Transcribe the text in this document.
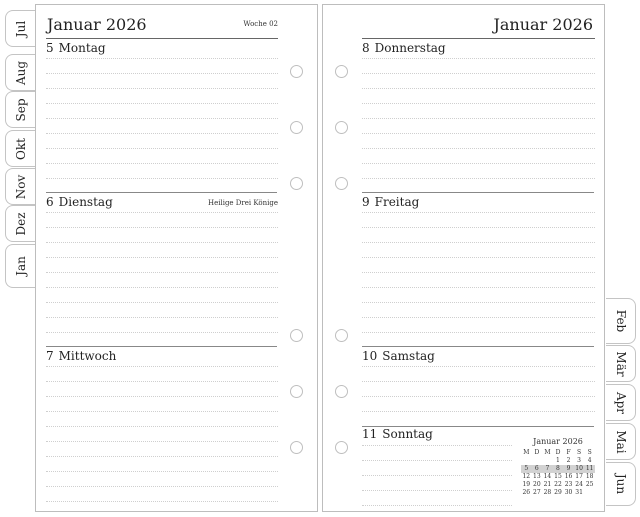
Jul
Aug
Sep
Okt
Nov
Dez
Jan
Feb
Mär
Apr
Mai
Jun
Januar 2026	Woche 02
5 Montag
6 Dienstag	Heilige Drei Könige
7 Mittwoch
Januar 2026
8 Donnerstag
9 Freitag
10 Samstag
11 Sonntag
Januar 2026
M	D	M	D	F	S	S
			1	2	3	4
5	6	7	8	9	10	11
12	13	14	15	16	17	18
19	20	21	22	23	24	25
26	27	28	29	30	31	
